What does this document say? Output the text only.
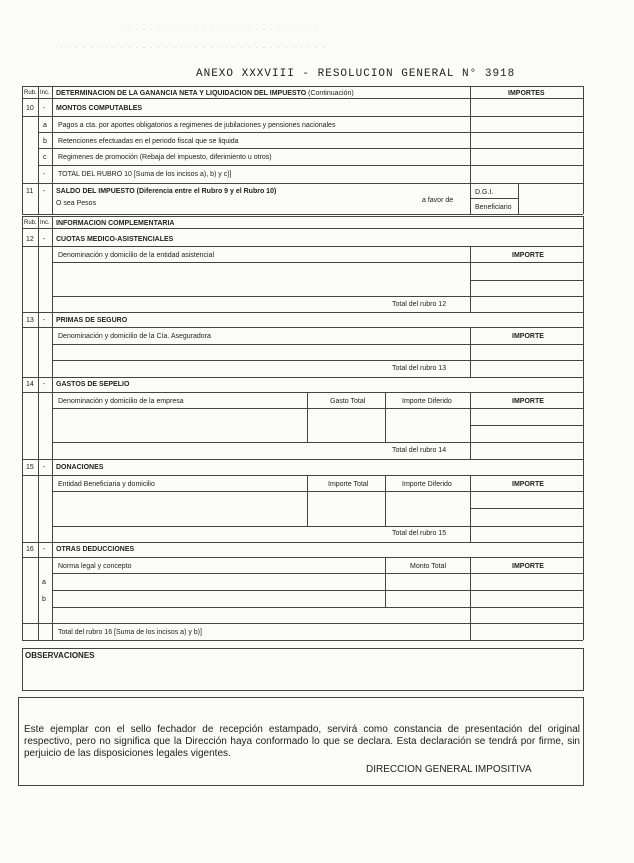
· · · · · · · · · · · · · · · · · · · · · · · · · · ·
· · · · · · · · · · · · · · · · · · · · · · · · · · · · · · · · · · · ·
ANEXO XXXVIII - RESOLUCION GENERAL N° 3918
Rub. Inc. DETERMINACION DE LA GANANCIA NETA Y LIQUIDACION DEL IMPUESTO (Continuación)	IMPORTES
10 - MONTOS COMPUTABLES
a Pagos a cta. por aportes obligatorios a regimenes de jubilaciones y pensiones nacionales
b Retenciones efectuadas en el periodo fiscal que se liquida
c Regimenes de promoción (Rebaja del impuesto, diferimiento u otros)
- TOTAL DEL RUBRO 10 [Suma de los incisos a), b) y c)]
11 - SALDO DEL IMPUESTO (Diferencia entre el Rubro 9 y el Rubro 10)
O sea Pesos	a favor de
D.G.I.
Beneficiario
Rub. Inc. INFORMACION COMPLEMENTARIA
12 - CUOTAS MEDICO-ASISTENCIALES
Denominación y domicilio de la entidad asistencial	IMPORTE
Total del rubro 12
13 - PRIMAS DE SEGURO
Denominación y domicilio de la Cía. Aseguradora	IMPORTE
Total del rubro 13
14 - GASTOS DE SEPELIO
Denominación y domicilio de la empresa	Gasto Total	Importe Diferido	IMPORTE
Total del rubro 14
15 - DONACIONES
Entidad Beneficiaria y domicilio	Importe Total	Importe Diferido	IMPORTE
Total del rubro 15
16 - OTRAS DEDUCCIONES
Norma legal y concepto	Monto Total	IMPORTE
a
b
Total del rubro 16 [Suma de los incisos a) y b)]
OBSERVACIONES
Este ejemplar con el sello fechador de recepción estampado, servirá como constancia de presentación del original respectivo, pero no significa que la Dirección haya conformado lo que se declara. Esta declaración se tendrá por firme, sin perjuicio de las disposiciones legales vigentes.
DIRECCION GENERAL IMPOSITIVA
